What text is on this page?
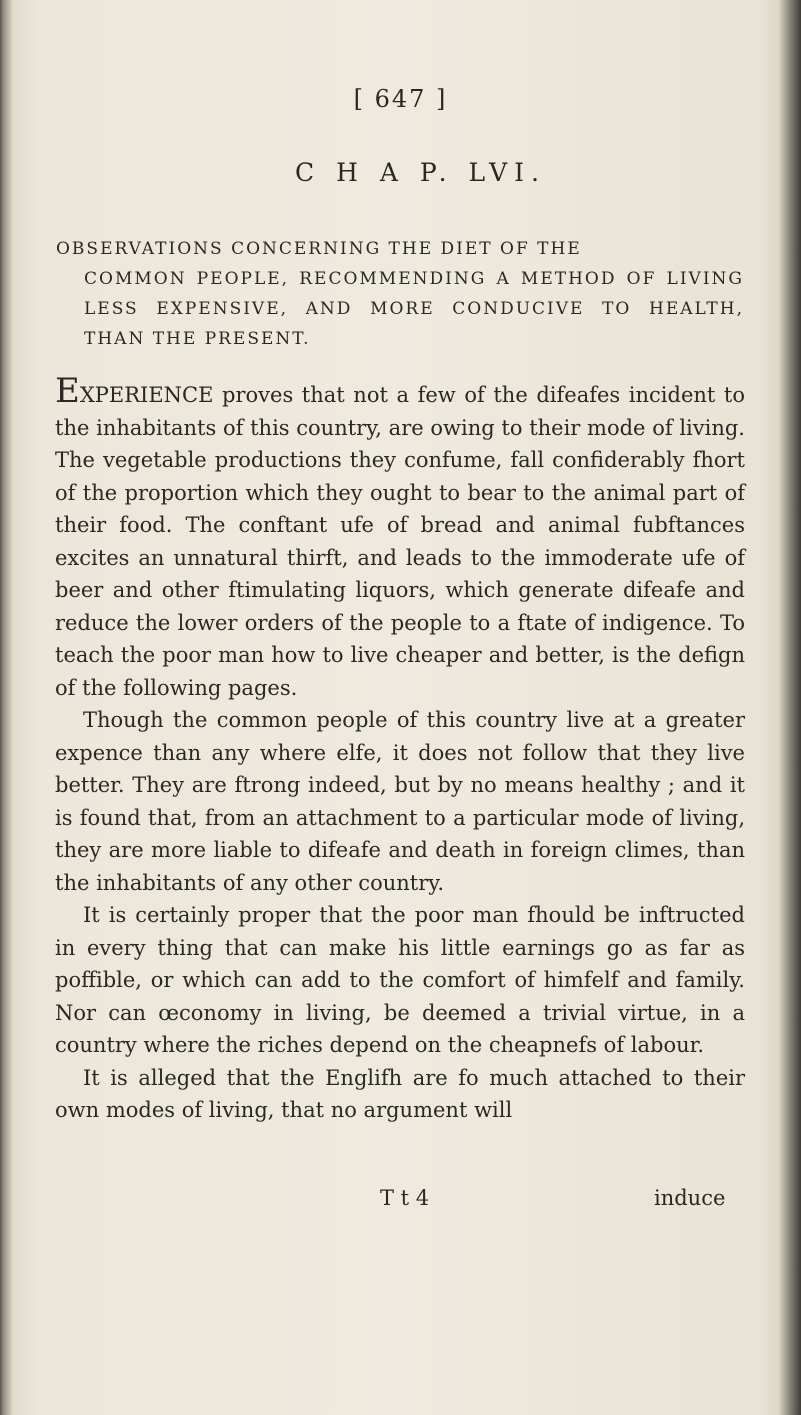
[ 647 ]
C H A P. LVI.
OBSERVATIONS CONCERNING THE DIET OF THE
COMMON PEOPLE, RECOMMENDING A METHOD OF LIVING LESS EXPENSIVE, AND MORE CONDUCIVE TO HEALTH, THAN THE PRESENT.

EXPERIENCE proves that not a few of the difeafes incident to the inhabitants of this country, are owing to their mode of living. The vegetable productions they confume, fall confiderably fhort of the proportion which they ought to bear to the animal part of their food. The conftant ufe of bread and animal fubftances excites an unnatural thirft, and leads to the immoderate ufe of beer and other ftimulating liquors, which generate difeafe and reduce the lower orders of the people to a ftate of indigence. To teach the poor man how to live cheaper and better, is the defign of the following pages.

Though the common people of this country live at a greater expence than any where elfe, it does not follow that they live better. They are ftrong indeed, but by no means healthy ; and it is found that, from an attachment to a particular mode of living, they are more liable to difeafe and death in foreign climes, than the inhabitants of any other country.

It is certainly proper that the poor man fhould be inftructed in every thing that can make his little earnings go as far as poffible, or which can add to the comfort of himfelf and family. Nor can œconomy in living, be deemed a trivial virtue, in a country where the riches depend on the cheapnefs of labour.

It is alleged that the Englifh are fo much attached to their own modes of living, that no argument will

T t 4	induce
